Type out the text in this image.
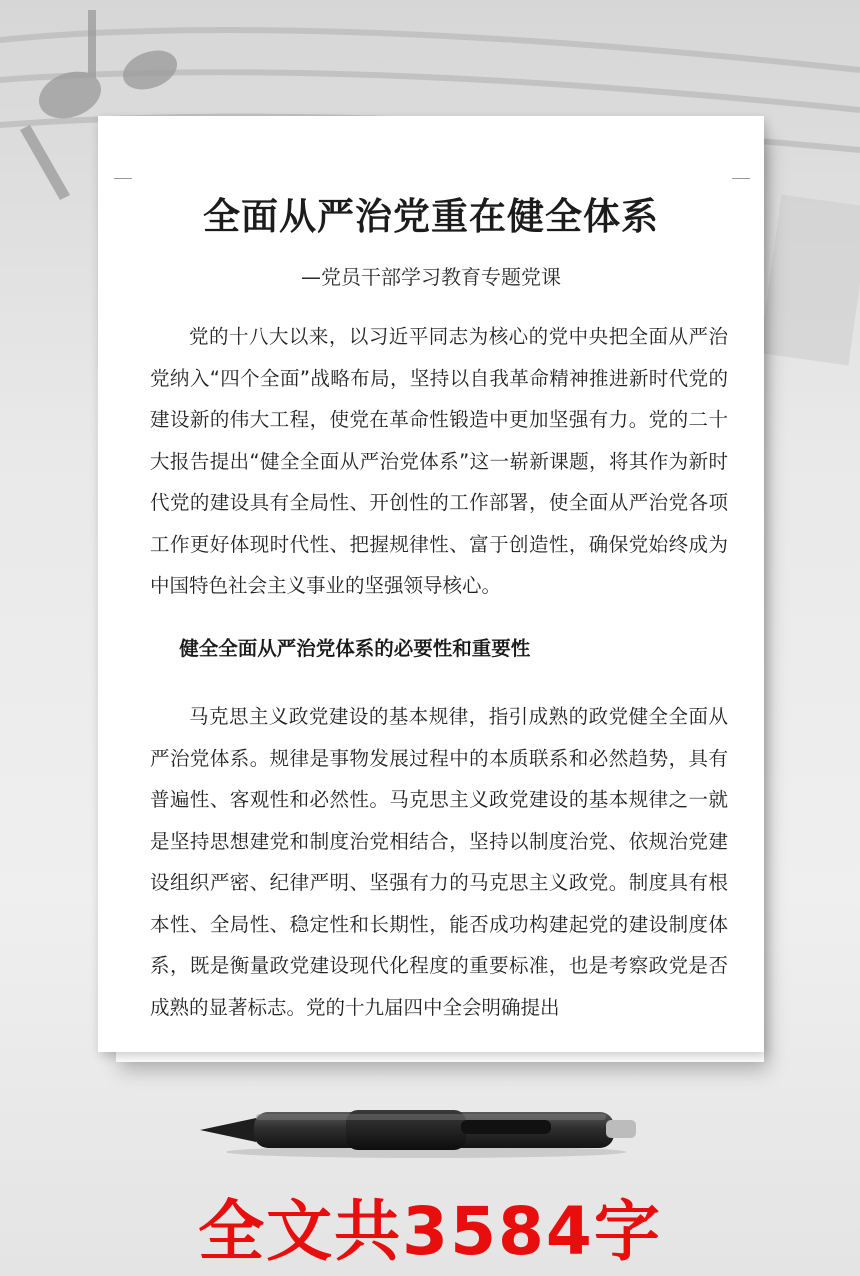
全面从严治党重在健全体系
—党员干部学习教育专题党课

党的十八大以来，以习近平同志为核心的党中央把全面从严治党纳入“四个全面”战略布局，坚持以自我革命精神推进新时代党的建设新的伟大工程，使党在革命性锻造中更加坚强有力。党的二十大报告提出“健全全面从严治党体系”这一崭新课题，将其作为新时代党的建设具有全局性、开创性的工作部署，使全面从严治党各项工作更好体现时代性、把握规律性、富于创造性，确保党始终成为中国特色社会主义事业的坚强领导核心。

健全全面从严治党体系的必要性和重要性

马克思主义政党建设的基本规律，指引成熟的政党健全全面从严治党体系。规律是事物发展过程中的本质联系和必然趋势，具有普遍性、客观性和必然性。马克思主义政党建设的基本规律之一就是坚持思想建党和制度治党相结合，坚持以制度治党、依规治党建设组织严密、纪律严明、坚强有力的马克思主义政党。制度具有根本性、全局性、稳定性和长期性，能否成功构建起党的建设制度体系，既是衡量政党建设现代化程度的重要标准，也是考察政党是否成熟的显著标志。党的十九届四中全会明确提出

全文共3584字
